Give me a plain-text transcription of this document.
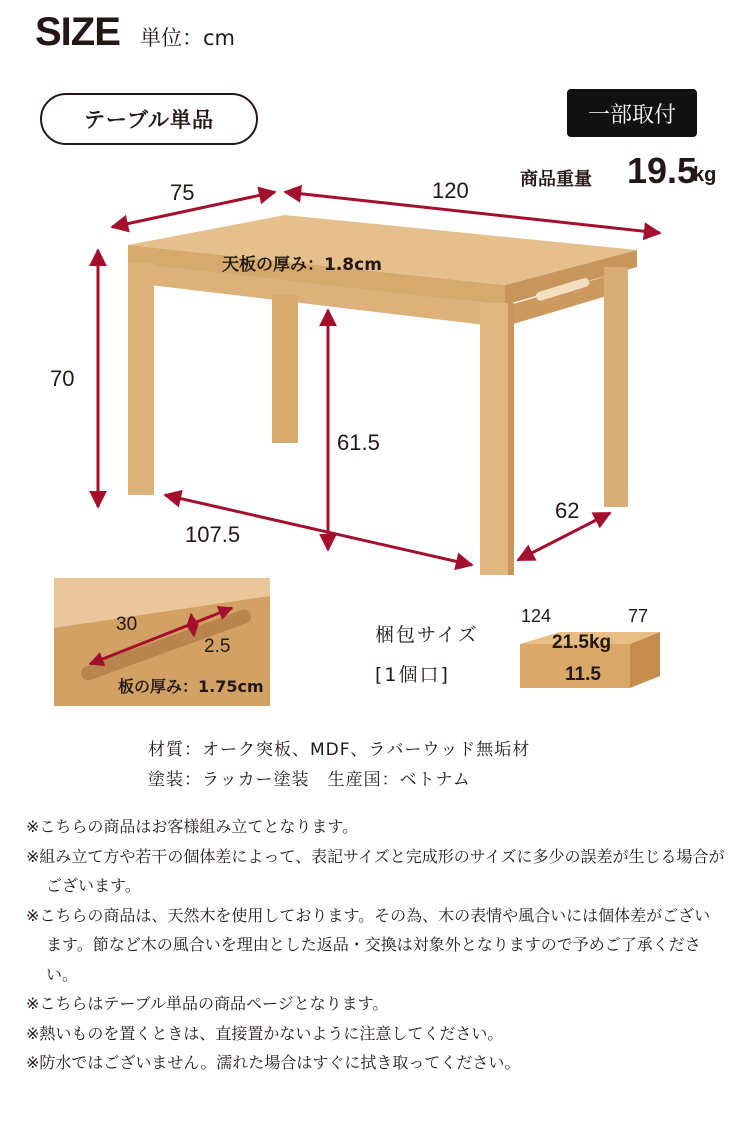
SIZE 単位：cm
テーブル単品	一部取付
商品重量 19.5
kg
75	120
70
天板の厚み：1.8cm
61.5
107.5
62
30
2.5
板の厚み：1.75cm
梱包サイズ
[1個口]
124	77
21.5kg
11.5
材質：オーク突板、MDF、ラバーウッド無垢材
塗装：ラッカー塗装　生産国：ベトナム
※こちらの商品はお客様組み立てとなります。
※組み立て方や若干の個体差によって、表記サイズと完成形のサイズに多少の誤差が生じる場合がございます。
※こちらの商品は、天然木を使用しております。その為、木の表情や風合いには個体差がございます。節など木の風合いを理由とした返品・交換は対象外となりますので予めご了承ください。
※こちらはテーブル単品の商品ページとなります。
※熱いものを置くときは、直接置かないように注意してください。
※防水ではございません。濡れた場合はすぐに拭き取ってください。
